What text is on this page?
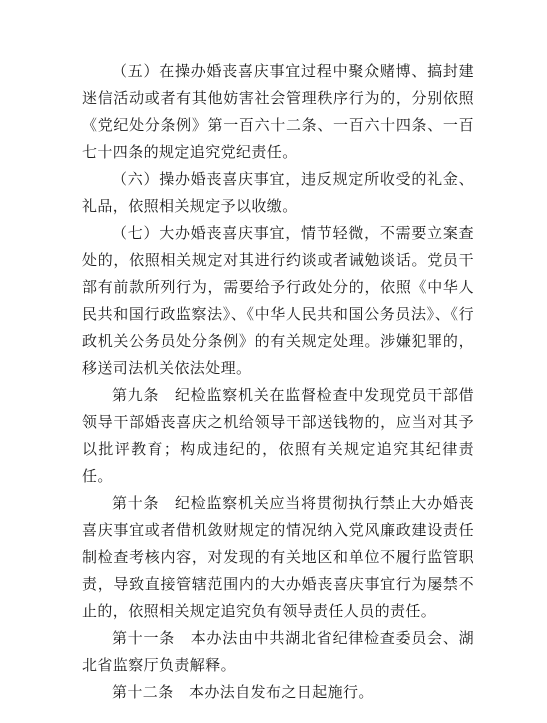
（五）在操办婚丧喜庆事宜过程中聚众赌博、搞封建迷信活动或者有其他妨害社会管理秩序行为的，分别依照《党纪处分条例》第一百六十二条、一百六十四条、一百七十四条的规定追究党纪责任。

（六）操办婚丧喜庆事宜，违反规定所收受的礼金、礼品，依照相关规定予以收缴。

（七）大办婚丧喜庆事宜，情节轻微，不需要立案查处的，依照相关规定对其进行约谈或者诫勉谈话。党员干部有前款所列行为，需要给予行政处分的，依照《中华人民共和国行政监察法》、《中华人民共和国公务员法》、《行政机关公务员处分条例》的有关规定处理。涉嫌犯罪的，移送司法机关依法处理。

第九条　纪检监察机关在监督检查中发现党员干部借领导干部婚丧喜庆之机给领导干部送钱物的，应当对其予以批评教育；构成违纪的，依照有关规定追究其纪律责任。

第十条　纪检监察机关应当将贯彻执行禁止大办婚丧喜庆事宜或者借机敛财规定的情况纳入党风廉政建设责任制检查考核内容，对发现的有关地区和单位不履行监管职责，导致直接管辖范围内的大办婚丧喜庆事宜行为屡禁不止的，依照相关规定追究负有领导责任人员的责任。

第十一条　本办法由中共湖北省纪律检查委员会、湖北省监察厅负责解释。

第十二条　本办法自发布之日起施行。
